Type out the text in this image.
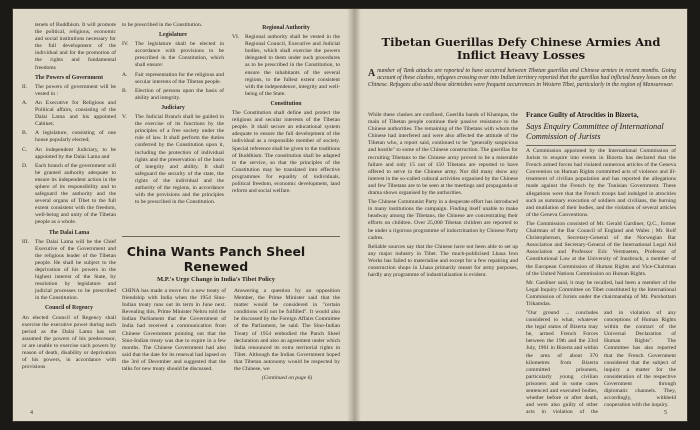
tenets of Buddhism. It will promote the political, religious, economic and social institutions necessary for the full development of the individual and for the promotion of the rights and fundamental freedoms
The Powers of Government
II.	The powers of government will be vested in :
A.	An Executive for Religious and Political affairs, consisting of the Dalai Lama and his appointed Cabinet;
B.	A legislature, consisting of one house popularly elected;
C.	An independent Judiciary, to be appointed by the Dalai Lama and
D.	Each branch of the government will be granted authority adequate to ensure its independent action in the sphere of its responsibility and to safeguard the authority and the several organs of Tibet to the full extent consistent with the freedom, well-being and unity of the Tibetan people as a whole.
The Dalai Lama
III.	The Dalai Lama will be the Chief Executive of the Government and the religious leader of the Tibetan people. He shall be subject to the deprivation of his powers in the highest interest of the State, by resolution by legislature and judicial processes to be prescribed in the Constitution.
Council of Regency

An elected Council of Regency shall exercise the executive power during such period as the Dalai Lama has not assumed the powers of his predecessor, or are unable to exercise such powers by reason of death, disability or deprivation of his powers, in accordance with provisions

to be prescribed in the Constitution.

Legislature
IV.	The legislature shall be elected in accordance with provisions to be prescribed in the Constitution, which shall ensure:
A.	Fair representation for the religious and secular interests of the Tibetan people.
B.	Election of persons upon the basis of ability and integrity.
Judiciary
V.	The Judicial Branch shall be guided in the exercise of its functions by the principles of a free society under the rule of law. It shall perform the duties conferred by the Constitution upon it, including the protection of individual rights and the preservation of the basis of integrity and ability. It shall safeguard the security of the state, the rights of the individual and the authority of the regions, in accordance with the provisions and the principles to be prescribed in the Constitution.
Regional Authority
VI.	Regional authority shall be vested in the Regional Council, Executive and Judicial bodies, which shall exercise the powers delegated to them under such procedures as to be prescribed in the Constitution, to ensure the inhabitants of the several regions, to the fullest extent consistent with the independence, integrity and well-being of the State.
Constitution

The Constitution shall define and protect the religious and secular interests of the Tibetan people. It shall secure an educational system adequate to ensure the full development of the individual as a responsible member of society. Special reference shall be given to the traditions of Buddhism. The constitution shall be adapted to the service, so that the principles of the Constitution may be translated into effective programmes for equality of individuals, political freedom, economic development, land reform and social welfare.

China Wants Panch Sheel Renewed
M.P.'s Urge Change in India's Tibet Policy

CHINA has made a move for a new treaty of friendship with India when the 1954 Sino-Indian treaty runs out its term in June next. Revealing this, Prime Minister Nehru told the Indian Parliament that the Government of India had received a communication from Chinese Government pointing out that the Sino-Indian treaty was due to expire in a few months. The Chinese Government had also said that the date for its renewal had lapsed on the 3rd of December and suggested that the talks for new treaty should be discussed.

Answering a question by an opposition Member, the Prime Minister said that the matter would be considered in "certain conditions will not be fulfilled". It would also be discussed by the Foreign Affairs Committee of the Parliament, he said. The Sino-Indian Treaty of 1954 embodied the Panch Sheel declaration and also an agreement under which India renounced its extra territorial rights in Tibet. Although the Indian Government hoped that Tibetan autonomy would be respected by the Chinese, we

(Continued on page 6)
4
Tibetan Guerillas Defy Chinese Armies And Inflict Heavy Losses
A number of Tank attacks are reported to have occurred between Tibetan guerillas and Chinese armies in recent months. Going account of these clashes, refugees crossing over into Indian territory reported that the guerillas had inflicted heavy losses on the Chinese. Refugees also said those skirmishes were frequent occurrences in Western Tibet, particularly in the region of Mansarowar.

While these clashes are confined, Guerilla bands of Khampas, the main of Tibetan people continue their passive resistance to the Chinese authorities. The remaining of the Tibetans with whom the Chinese had interfered and were also affected the attitude of the Tibetan who, a report said, continued to be "generally suspicious and hostile" to some of the Chinese construction. The guerillas for recruiting Tibetans to the Chinese army proved to be a miserable failure and only 15 out of 150 Tibetans are reported to have offered to serve in the Chinese army. Nor did many show any interest in the so-called cultural activities organised by the Chinese and few Tibetans are to be seen at the meetings and propaganda or drama shows organised by the authorities.

The Chinese Communist Party in a desperate effort has introduced in many institutions the campaign. Finding itself unable to make headway among the Tibetans, the Chinese are concentrating their efforts on children. Over 25,000 Tibetan children are reported to be under a rigorous programme of indoctrination by Chinese Party cadres.

Reliable sources say that the Chinese have not been able to set up any major industry in Tibet. The much-publicised Lhasa Iron Works has failed to materialise and except for a few repairing and construction shops in Lhasa primarily meant for army purposes, hardly any programme of industrialisation is evident.

France Guilty of Atrocities in Bizerta,
Says Enquiry Committee of International Commission of Jurists

A Commission appointed by the International Commission of Jurists to enquire into events in Bizerta has declared that the French armed forces had violated numerous articles of the Geneva Convention on Human Rights committed acts of violence and ill-treatment of civilian population and has reported the allegations made against the French by the Tunisian Government. These allegations were that the French troops had indulged in atrocities such as summary execution of soldiers and civilians, the burning and mutilation of their bodies, and the violation of several articles of the Geneva Conventions.

The Commission consisted of Mr. Gerald Gardiner, Q.C., former Chairman of the Bar Council of England and Wales ; Mr. Rolf Christophersen, Secretary-General of the Norwegian Bar Association and Secretary-General of the International Legal Aid Association and Professor Eric Verstraeten, Professor of Constitutional Law at the University of Innsbruck, a member of the European Commission of Human Rights and Vice-Chairman of the United Nations Commission on Human Rights.

Mr. Gardiner said, it may be recalled, had been a member of the Legal Inquiry Committee on Tibet constituted by the International Commission of Jurists under the chairmanship of Mr. Purshottam Trikamdas.

"Our ground ... concludes considered to what, whatever the legal status of Bizerta may be, armed French Forces between the 19th and the 23rd July, 1961 in Bizerta and within the area of about 370 kilometres from Bizerta committed prisoners, particularly young civilian prisoners and in some cases sentenced and executed bodies, whether before or after death, and were also guilty of other acts in violation of the

and in violation of any conceptions of Human Rights within the contract of the Universal Declaration of Human Rights". The Committee has also reported that the French Government considered that the subject of inquiry a matter for the consideration of the respective Government through diplomatic channels. They, accordingly, withheld cooperation with the inquiry.

5
